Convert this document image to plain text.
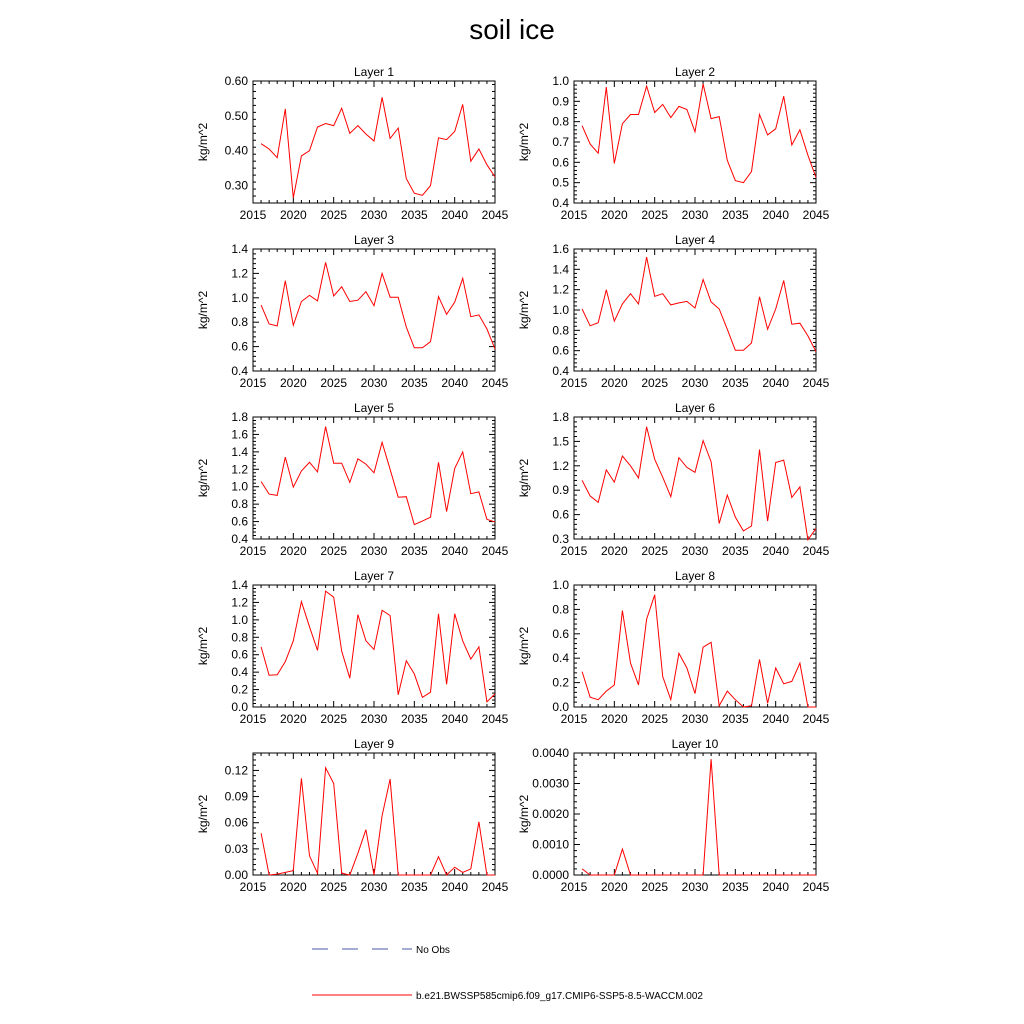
soil ice
No Obs
b.e21.BWSSP585cmip6.f09_g17.CMIP6-SSP5-8.5-WACCM.002
Layer 1
kg/m^2
2015 2020 2025 2030 2035 2040 2045
0.30
0.40
0.50
0.60
Layer 2
kg/m^2
2015 2020 2025 2030 2035 2040 2045
0.4
0.5
0.6
0.7
0.8
0.9
1.0
Layer 3
kg/m^2
2015 2020 2025 2030 2035 2040 2045
0.4
0.6
0.8
1.0
1.2
1.4
Layer 4
kg/m^2
2015 2020 2025 2030 2035 2040 2045
0.4
0.6
0.8
1.0
1.2
1.4
1.6
Layer 5
kg/m^2
2015 2020 2025 2030 2035 2040 2045
0.4
0.6
0.8
1.0
1.2
1.4
1.6
1.8
Layer 6
kg/m^2
2015 2020 2025 2030 2035 2040 2045
0.3
0.6
0.9
1.2
1.5
1.8
Layer 7
kg/m^2
2015 2020 2025 2030 2035 2040 2045
0.0
0.2
0.4
0.6
0.8
1.0
1.2
1.4
Layer 8
kg/m^2
2015 2020 2025 2030 2035 2040 2045
0.0
0.2
0.4
0.6
0.8
1.0
Layer 9
kg/m^2
2015 2020 2025 2030 2035 2040 2045
0.00
0.03
0.06
0.09
0.12
Layer 10
kg/m^2
2015 2020 2025 2030 2035 2040 2045
0.0000
0.0010
0.0020
0.0030
0.0040
